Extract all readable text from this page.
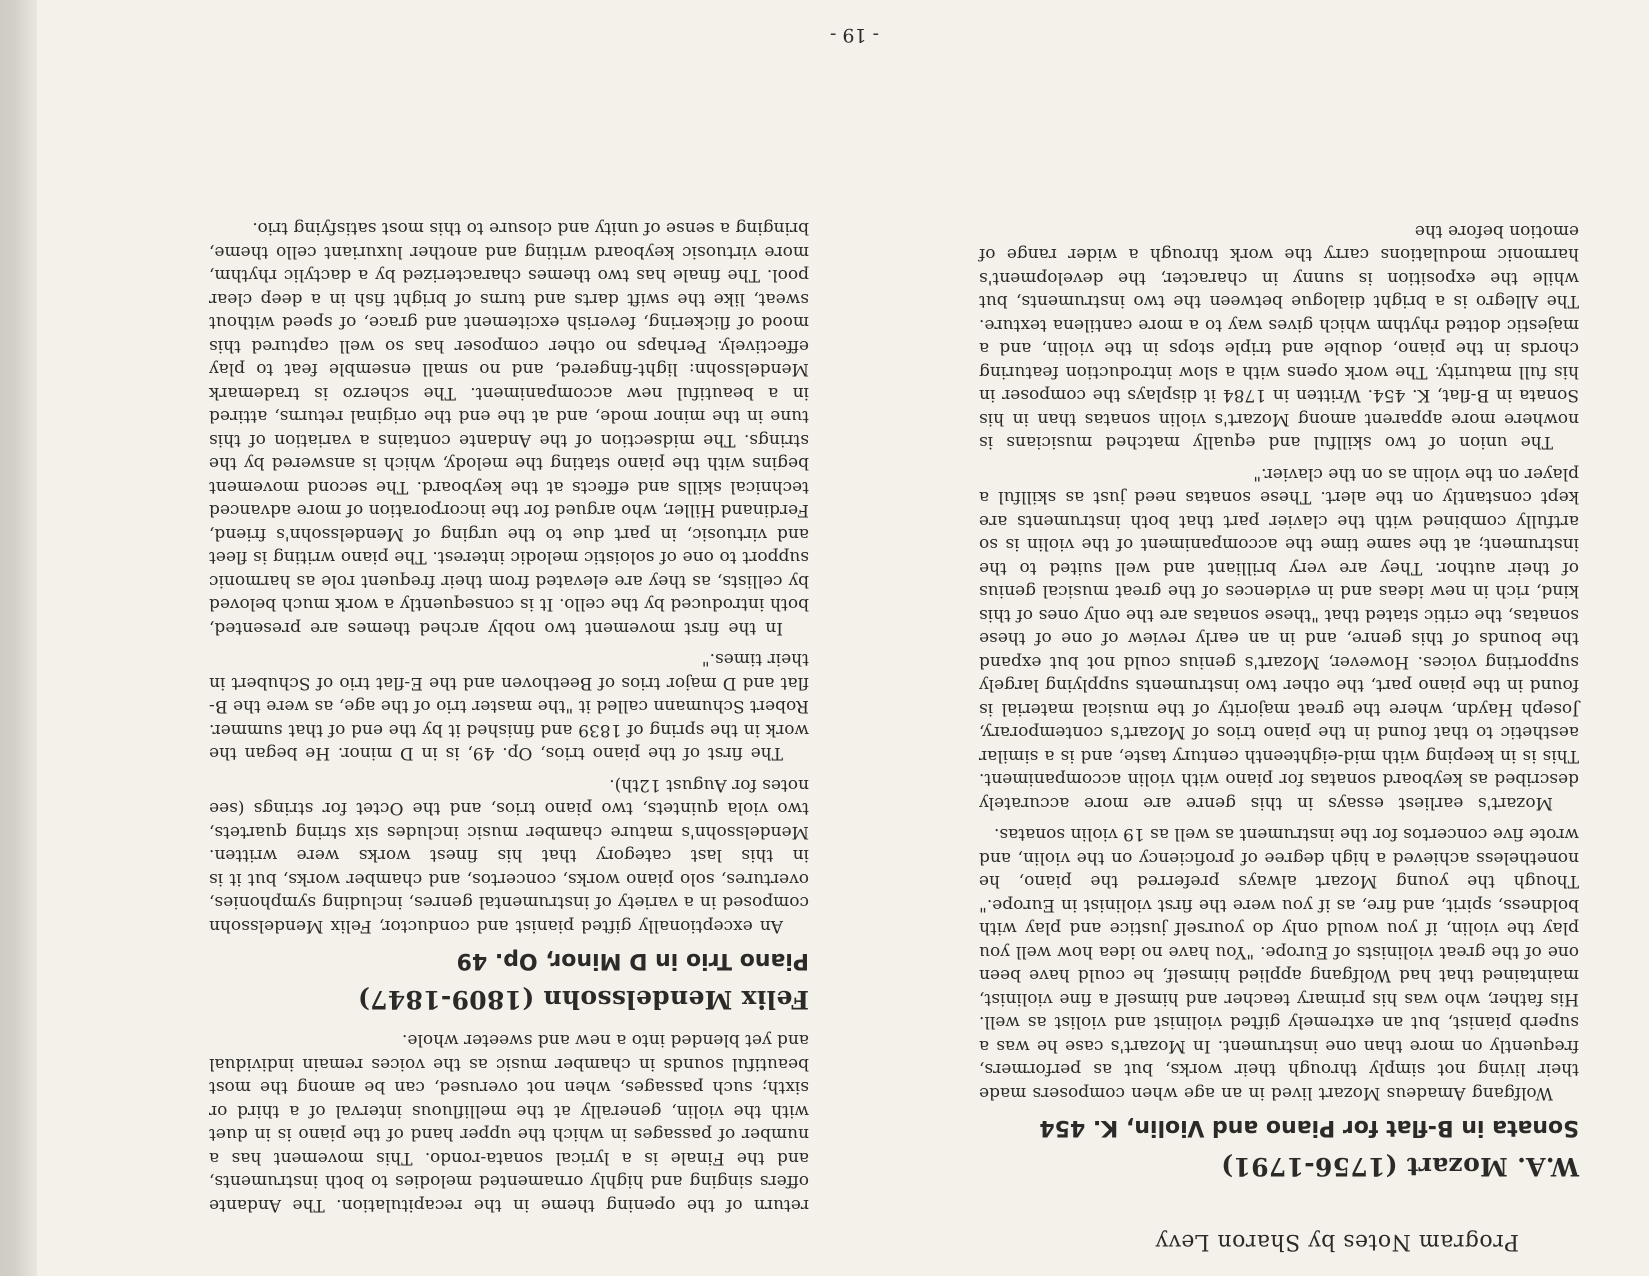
Program Notes by Sharon Levy
W.A. Mozart (1756-1791)
Sonata in B-flat for Piano and Violin, K. 454

Wolfgang Amadeus Mozart lived in an age when composers made their living not simply through their works, but as performers, frequently on more than one instrument. In Mozart's case he was a superb pianist, but an extremely gifted violinist and violist as well. His father, who was his primary teacher and himself a fine violinist, maintained that had Wolfgang applied himself, he could have been one of the great violinists of Europe. "You have no idea how well you play the violin, if you would only do yourself justice and play with boldness, spirit, and fire, as if you were the first violinist in Europe." Though the young Mozart always preferred the piano, he nonetheless achieved a high degree of proficiency on the violin, and wrote five concertos for the instrument as well as 19 violin sonatas.

Mozart's earliest essays in this genre are more accurately described as keyboard sonatas for piano with violin accompaniment. This is in keeping with mid-eighteenth century taste, and is a similar aesthetic to that found in the piano trios of Mozart's contemporary, Joseph Haydn, where the great majority of the musical material is found in the piano part, the other two instruments supplying largely supporting voices. However, Mozart's genius could not but expand the bounds of this genre, and in an early review of one of these sonatas, the critic stated that "these sonatas are the only ones of this kind, rich in new ideas and in evidences of the great musical genius of their author. They are very brilliant and well suited to the instrument; at the same time the accompaniment of the violin is so artfully combined with the clavier part that both instruments are kept constantly on the alert. These sonatas need just as skillful a player on the violin as on the clavier."

The union of two skillful and equally matched musicians is nowhere more apparent among Mozart's violin sonatas than in his Sonata in B-flat, K. 454. Written in 1784 it displays the composer in his full maturity. The work opens with a slow introduction featuring chords in the piano, double and triple stops in the violin, and a majestic dotted rhythm which gives way to a more cantilena texture. The Allegro is a bright dialogue between the two instruments, but while the exposition is sunny in character, the development's harmonic modulations carry the work through a wider range of emotion before the

return of the opening theme in the recapitulation. The Andante offers singing and highly ornamented melodies to both instruments, and the Finale is a lyrical sonata-rondo. This movement has a number of passages in which the upper hand of the piano is in duet with the violin, generally at the mellifluous interval of a third or sixth; such passages, when not overused, can be among the most beautiful sounds in chamber music as the voices remain individual and yet blended into a new and sweeter whole.

Felix Mendelssohn (1809-1847)
Piano Trio in D Minor, Op. 49

An exceptionally gifted pianist and conductor, Felix Mendelssohn composed in a variety of instrumental genres, including symphonies, overtures, solo piano works, concertos, and chamber works, but it is in this last category that his finest works were written. Mendelssohn's mature chamber music includes six string quartets, two viola quintets, two piano trios, and the Octet for strings (see notes for August 12th).

The first of the piano trios, Op. 49, is in D minor. He began the work in the spring of 1839 and finished it by the end of that summer. Robert Schumann called it "the master trio of the age, as were the B-flat and D major trios of Beethoven and the E-flat trio of Schubert in their times."

In the first movement two nobly arched themes are presented, both introduced by the cello. It is consequently a work much beloved by cellists, as they are elevated from their frequent role as harmonic support to one of soloistic melodic interest. The piano writing is fleet and virtuosic, in part due to the urging of Mendelssohn's friend, Ferdinand Hiller, who argued for the incorporation of more advanced technical skills and effects at the keyboard. The second movement begins with the piano stating the melody, which is answered by the strings. The midsection of the Andante contains a variation of this tune in the minor mode, and at the end the original returns, attired in a beautiful new accompaniment. The scherzo is trademark Mendelssohn: light-fingered, and no small ensemble feat to play effectively. Perhaps no other composer has so well captured this mood of flickering, feverish excitement and grace, of speed without sweat, like the swift darts and turns of bright fish in a deep clear pool. The finale has two themes characterized by a dactylic rhythm, more virtuosic keyboard writing and another luxuriant cello theme, bringing a sense of unity and closure to this most satisfying trio.

- 19 -
